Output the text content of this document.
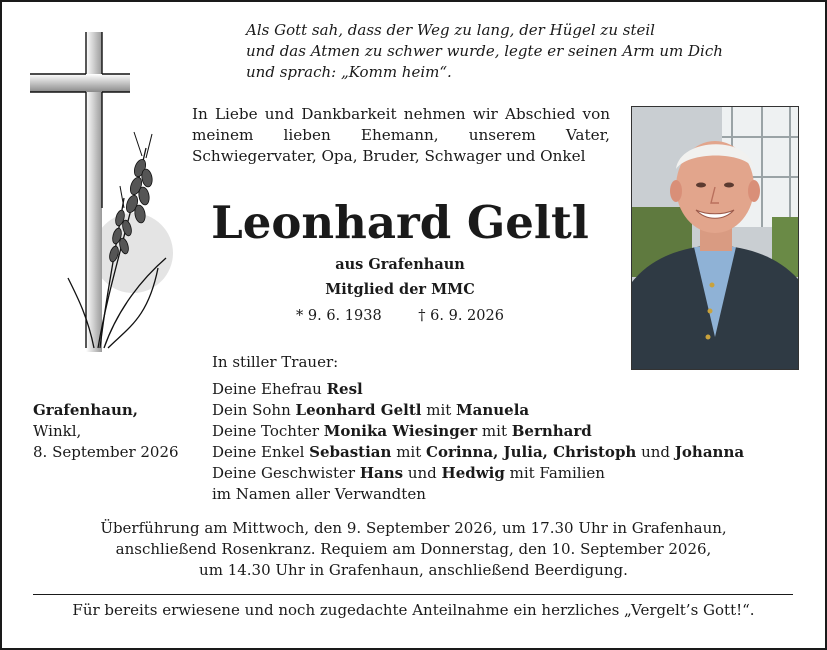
Als Gott sah, dass der Weg zu lang, der Hügel zu steil
und das Atmen zu schwer wurde, legte er seinen Arm um Dich
und sprach: „Komm heim“.
In Liebe und Dankbarkeit nehmen wir Abschied von meinem lieben Ehemann, unserem Vater, Schwiegervater, Opa, Bruder, Schwager und Onkel
Leonhard Geltl
aus Grafenhaun
Mitglied der MMC
* 9. 6. 1938	† 6. 9. 2026
In stiller Trauer:
Deine Ehefrau Resl
Dein Sohn Leonhard Geltl mit Manuela
Deine Tochter Monika Wiesinger mit Bernhard
Deine Enkel Sebastian mit Corinna, Julia, Christoph und Johanna
Deine Geschwister Hans und Hedwig mit Familien
im Namen aller Verwandten
Grafenhaun,
Winkl,
8. September 2026
Überführung am Mittwoch, den 9. September 2026, um 17.30 Uhr in Grafenhaun,
anschließend Rosenkranz. Requiem am Donnerstag, den 10. September 2026,
um 14.30 Uhr in Grafenhaun, anschließend Beerdigung.
Für bereits erwiesene und noch zugedachte Anteilnahme ein herzliches „Vergelt’s Gott!“.
